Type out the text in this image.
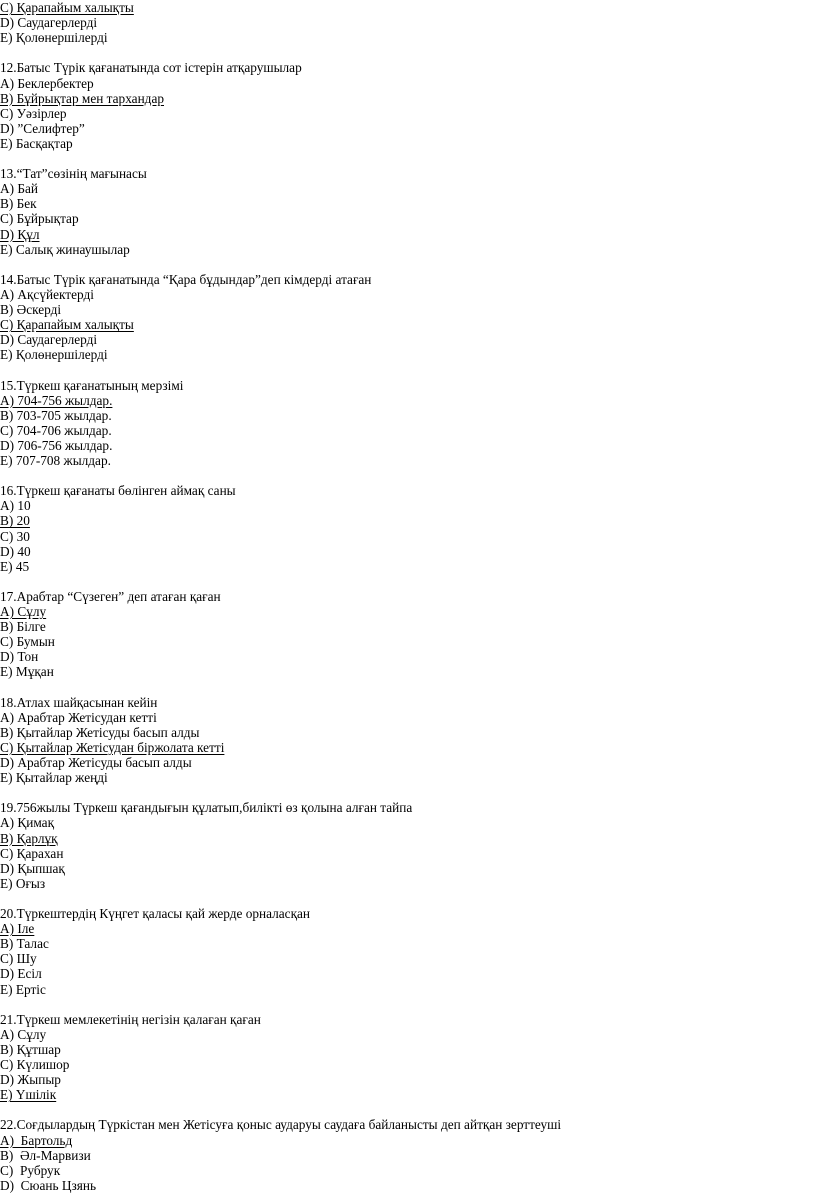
C) Қарапайым халықты
D) Саудагерлерді
E) Қолөнершілерді
12.Батыс Түрік қағанатында сот істерін атқарушылар
A) Беклербектер
B) Бұйрықтар мен тархандар
C) Уәзірлер
D) ”Селифтер”
E) Басқақтар
13.“Тат”сөзінің мағынасы
A) Бай
B) Бек
C) Бұйрықтар
D) Құл
E) Салық жинаушылар
14.Батыс Түрік қағанатында “Қара бұдындар”деп кімдерді атаған
A) Ақсүйектерді
B) Әскерді
C) Қарапайым халықты
D) Саудагерлерді
E) Қолөнершілерді
15.Түркеш қағанатының мерзімі
A) 704-756 жылдар.
B) 703-705 жылдар.
C) 704-706 жылдар.
D) 706-756 жылдар.
E) 707-708 жылдар.
16.Түркеш қағанаты бөлінген аймақ саны
A) 10
B) 20
C) 30
D) 40
E) 45
17.Арабтар “Сүзеген” деп атаған қаған
A) Сұлу
B) Білге
C) Бумын
D) Тон
E) Мұқан
18.Атлах шайқасынан кейін
A) Арабтар Жетісудан кетті
B) Қытайлар Жетісуды басып алды
C) Қытайлар Жетісудан біржолата кетті
D) Арабтар Жетісуды басып алды
E) Қытайлар жеңді
19.756жылы Түркеш қағандығын құлатып,билікті өз қолына алған тайпа
A) Қимақ
B) Қарлұқ
C) Қарахан
D) Қыпшақ
E) Оғыз
20.Түркештердің Күңгет қаласы қай жерде орналасқан
A) Іле
B) Талас
C) Шу
D) Есіл
E) Ертіс
21.Түркеш мемлекетінің негізін қалаған қаған
A) Сұлу
B) Құтшар
C) Күлишор
D) Жыпыр
E) Үшілік
22.Соғдылардың Түркістан мен Жетісуға қоныс аударуы саудаға байланысты деп айтқан зерттеуші
A)  Бартольд
B)  Әл-Марвизи
C)  Рубрук
D)  Сюань Цзянь
